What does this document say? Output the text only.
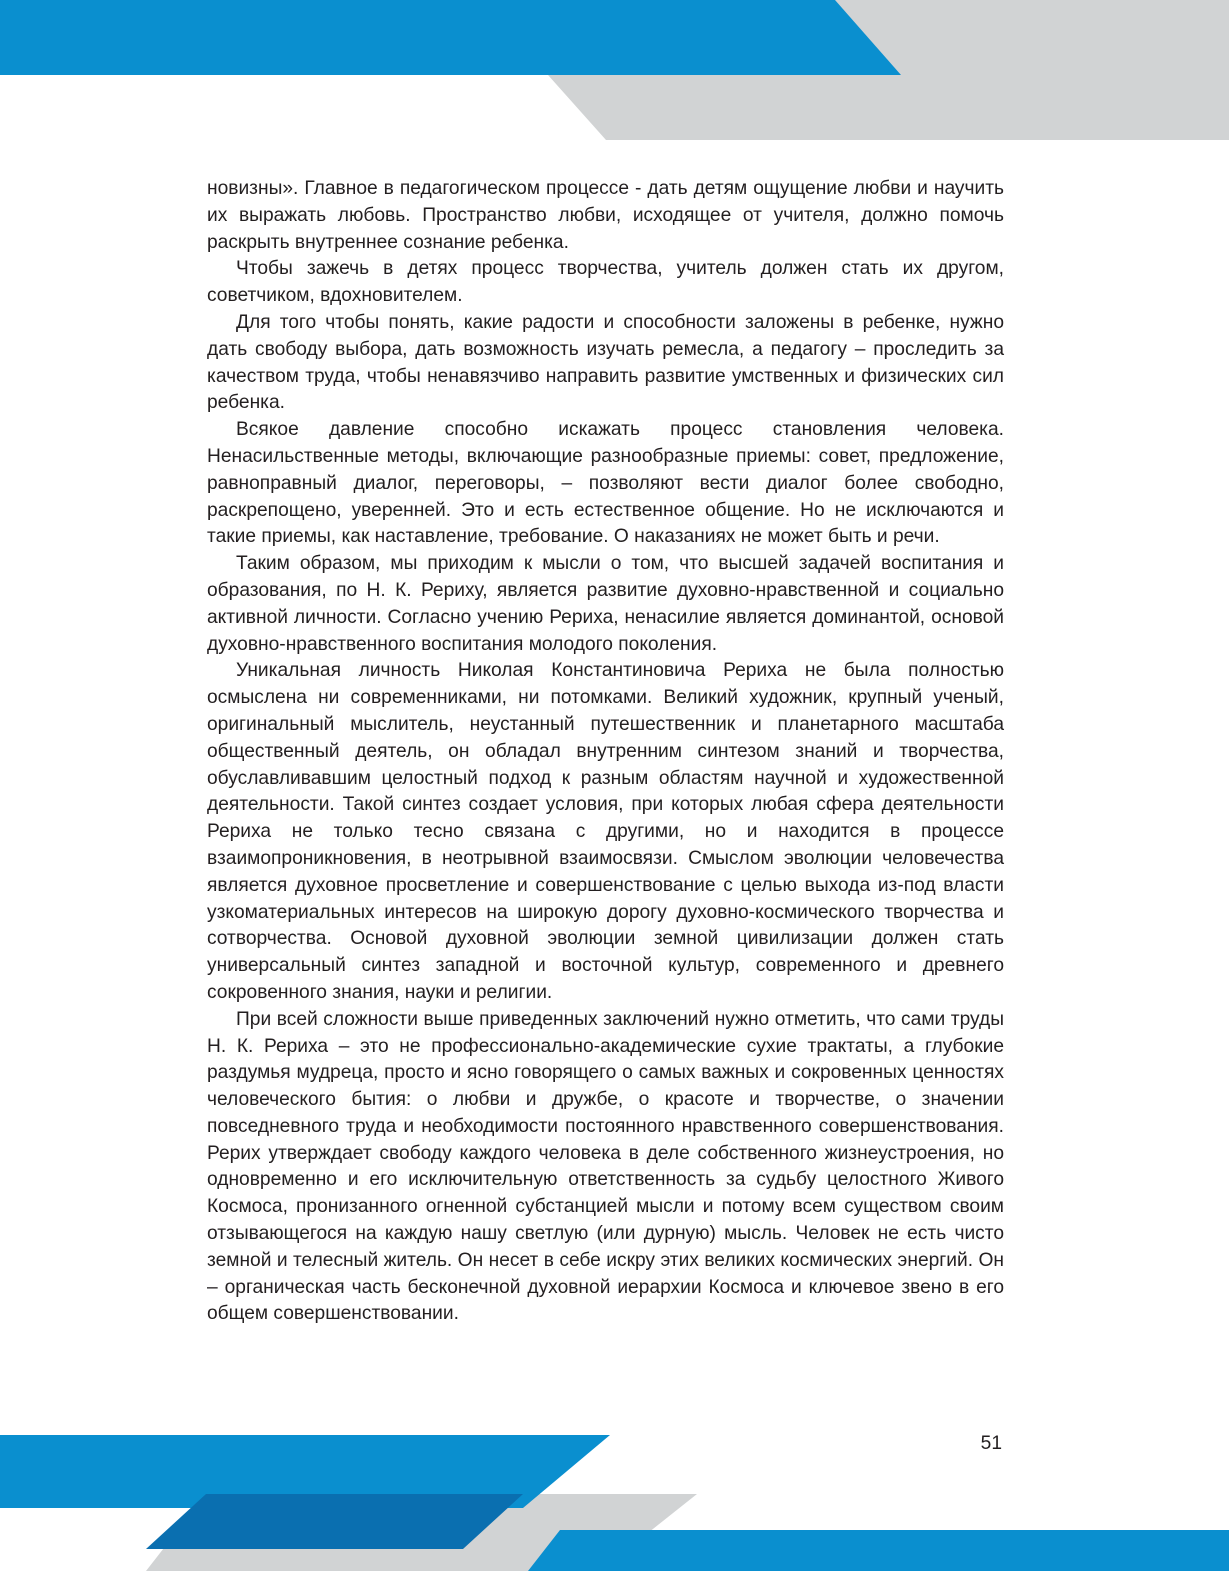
новизны». Главное в педагогическом процессе - дать детям ощущение любви и научить их выражать любовь. Пространство любви, исходящее от учителя, должно помочь раскрыть внутреннее сознание ребенка.

Чтобы зажечь в детях процесс творчества, учитель должен стать их другом, советчиком, вдохновителем.

Для того чтобы понять, какие радости и способности заложены в ребенке, нужно дать свободу выбора, дать возможность изучать ремесла, а педагогу – проследить за качеством труда, чтобы ненавязчиво направить развитие умственных и физических сил ребенка.

Всякое давление способно искажать процесс становления человека. Ненасильственные методы, включающие разнообразные приемы: совет, предложение, равноправный диалог, переговоры, – позволяют вести диалог более свободно, раскрепощено, уверенней. Это и есть естественное общение. Но не исключаются и такие приемы, как наставление, требование. О наказаниях не может быть и речи.

Таким образом, мы приходим к мысли о том, что высшей задачей воспитания и образования, по Н. К. Рериху, является развитие духовно-нравственной и социально активной личности. Согласно учению Рериха, ненасилие является доминантой, основой духовно-нравственного воспитания молодого поколения.

Уникальная личность Николая Константиновича Рериха не была полностью осмыслена ни современниками, ни потомками. Великий художник, крупный ученый, оригинальный мыслитель, неустанный путешественник и планетарного масштаба общественный деятель, он обладал внутренним синтезом знаний и творчества, обуславливавшим целостный подход к разным областям научной и художественной деятельности. Такой синтез создает условия, при которых любая сфера деятельности Рериха не только тесно связана с другими, но и находится в процессе взаимопроникновения, в неотрывной взаимосвязи. Смыслом эволюции человечества является духовное просветление и совершенствование с целью выхода из-под власти узкоматериальных интересов на широкую дорогу духовно-космического творчества и сотворчества. Основой духовной эволюции земной цивилизации должен стать универсальный синтез западной и восточной культур, современного и древнего сокровенного знания, науки и религии.

При всей сложности выше приведенных заключений нужно отметить, что сами труды Н. К. Рериха – это не профессионально-академические сухие трактаты, а глубокие раздумья мудреца, просто и ясно говорящего о самых важных и сокровенных ценностях человеческого бытия: о любви и дружбе, о красоте и творчестве, о значении повседневного труда и необходимости постоянного нравственного совершенствования. Рерих утверждает свободу каждого человека в деле собственного жизнеустроения, но одновременно и его исключительную ответственность за судьбу целостного Живого Космоса, пронизанного огненной субстанцией мысли и потому всем существом своим отзывающегося на каждую нашу светлую (или дурную) мысль. Человек не есть чисто земной и телесный житель. Он несет в себе искру этих великих космических энергий. Он – органическая часть бесконечной духовной иерархии Космоса и ключевое звено в его общем совершенствовании.

51
